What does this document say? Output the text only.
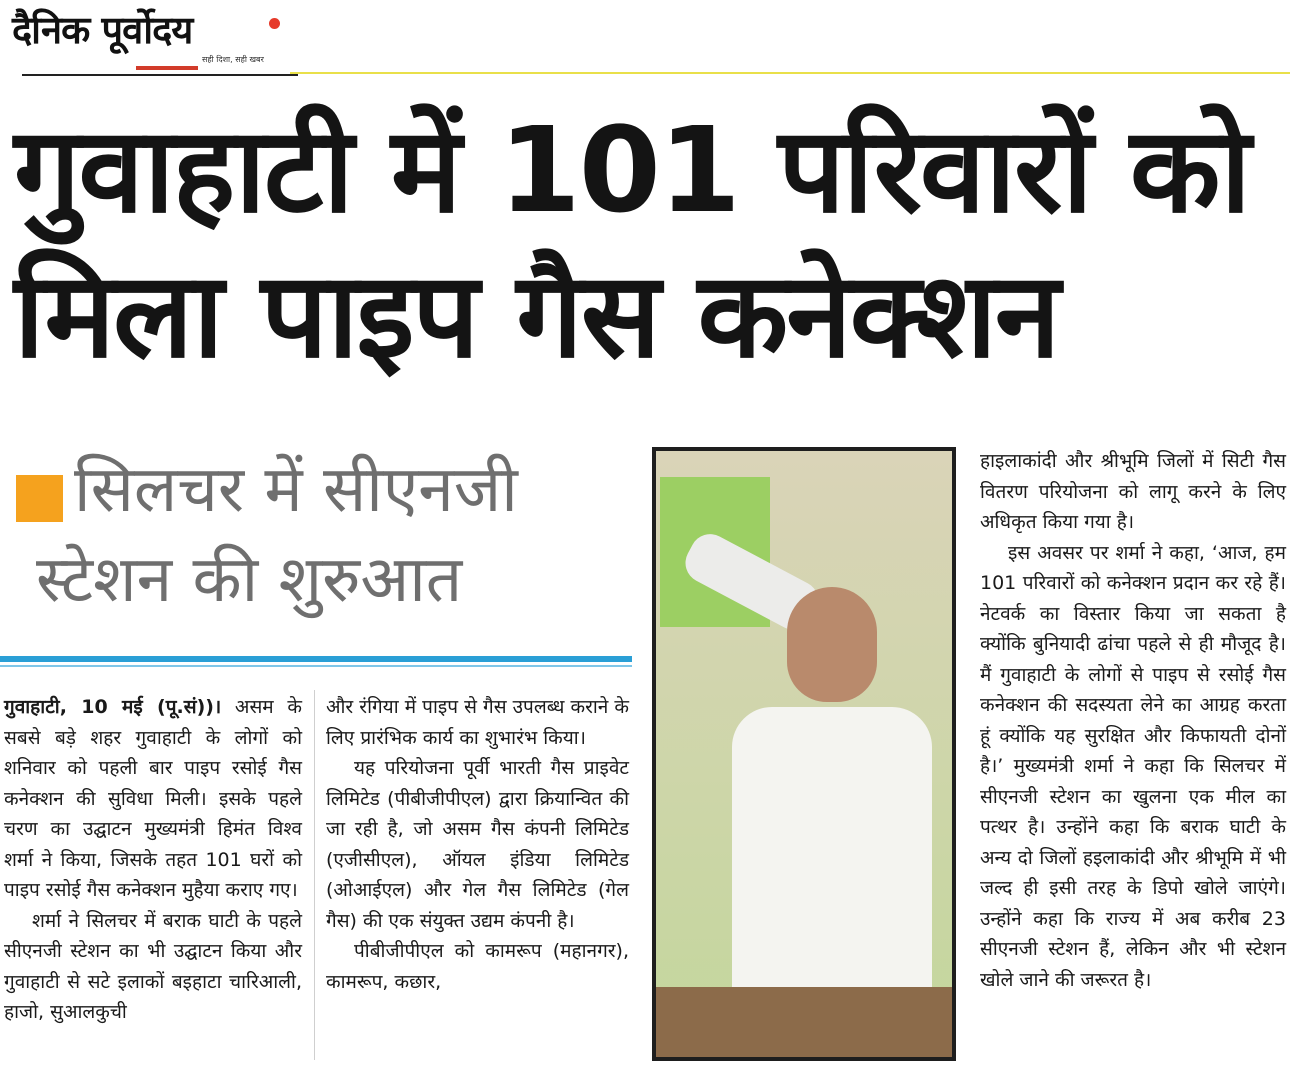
दैनिक पूर्वोदय
सही दिशा, सही खबर
गुवाहाटी में 101 परिवारों को
मिला पाइप गैस कनेक्शन
सिलचर में सीएनजी
स्टेशन की शुरुआत

गुवाहाटी, 10 मई (पू.सं))। असम के सबसे बड़े शहर गुवाहाटी के लोगों को शनिवार को पहली बार पाइप रसोई गैस कनेक्शन की सुविधा मिली। इसके पहले चरण का उद्घाटन मुख्यमंत्री हिमंत विश्व शर्मा ने किया, जिसके तहत 101 घरों को पाइप रसोई गैस कनेक्शन मुहैया कराए गए।

शर्मा ने सिलचर में बराक घाटी के पहले सीएनजी स्टेशन का भी उद्घाटन किया और गुवाहाटी से सटे इलाकों बइहाटा चारिआली, हाजो, सुआलकुची

और रंगिया में पाइप से गैस उपलब्ध कराने के लिए प्रारंभिक कार्य का शुभारंभ किया।

यह परियोजना पूर्वी भारती गैस प्राइवेट लिमिटेड (पीबीजीपीएल) द्वारा क्रियान्वित की जा रही है, जो असम गैस कंपनी लिमिटेड (एजीसीएल), ऑयल इंडिया लिमिटेड (ओआईएल) और गेल गैस लिमिटेड (गेल गैस) की एक संयुक्त उद्यम कंपनी है।

पीबीजीपीएल को कामरूप (महानगर), कामरूप, कछार,

हाइलाकांदी और श्रीभूमि जिलों में सिटी गैस वितरण परियोजना को लागू करने के लिए अधिकृत किया गया है।

इस अवसर पर शर्मा ने कहा, ‘आज, हम 101 परिवारों को कनेक्शन प्रदान कर रहे हैं। नेटवर्क का विस्तार किया जा सकता है क्योंकि बुनियादी ढांचा पहले से ही मौजूद है। मैं गुवाहाटी के लोगों से पाइप से रसोई गैस कनेक्शन की सदस्यता लेने का आग्रह करता हूं क्योंकि यह सुरक्षित और किफायती दोनों है।’ मुख्यमंत्री शर्मा ने कहा कि सिलचर में सीएनजी स्टेशन का खुलना एक मील का पत्थर है। उन्होंने कहा कि बराक घाटी के अन्य दो जिलों हइलाकांदी और श्रीभूमि में भी जल्द ही इसी तरह के डिपो खोले जाएंगे। उन्होंने कहा कि राज्य में अब करीब 23 सीएनजी स्टेशन हैं, लेकिन और भी स्टेशन खोले जाने की जरूरत है।
